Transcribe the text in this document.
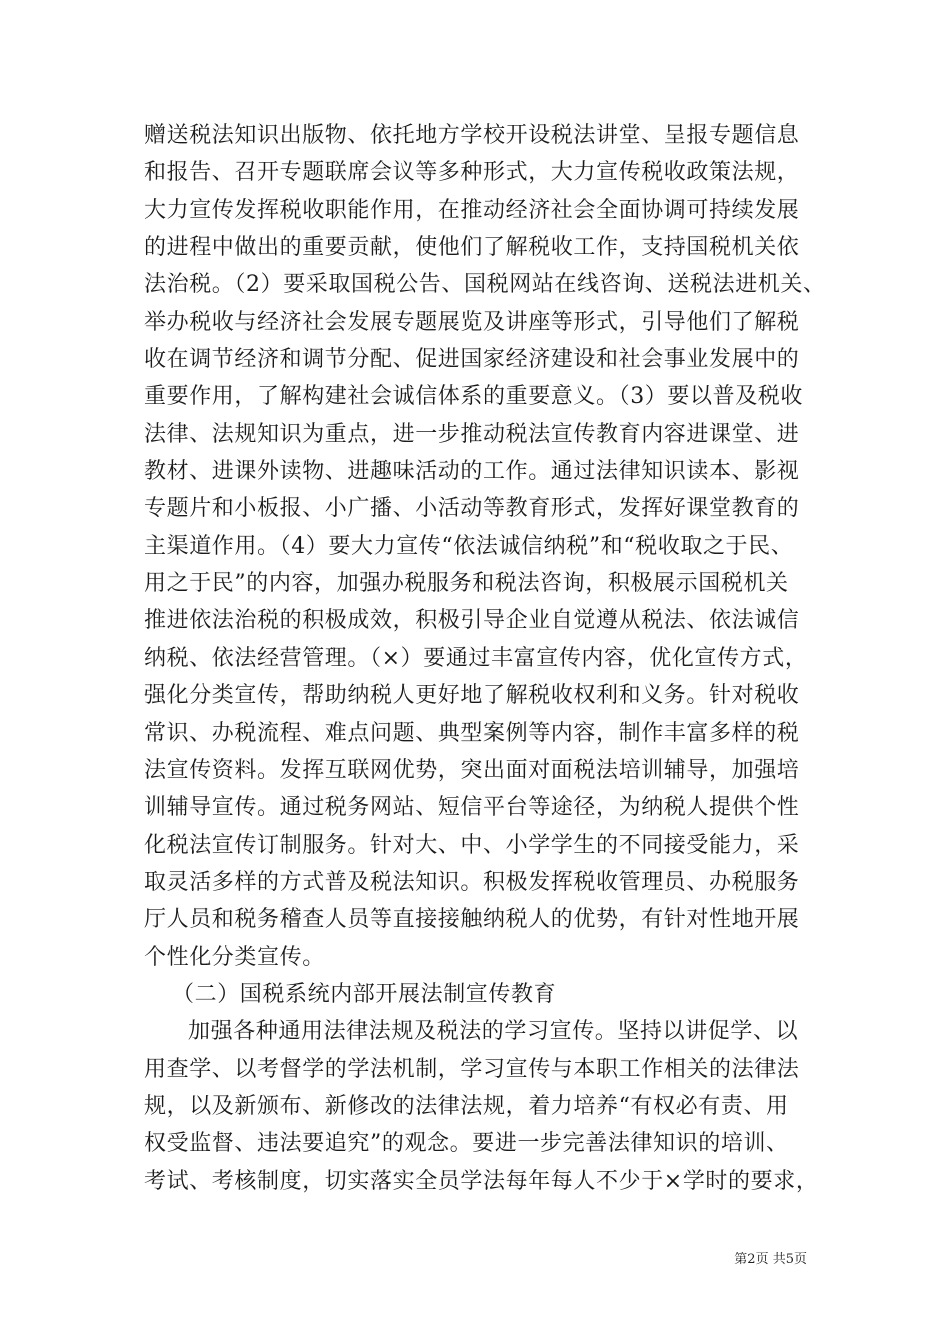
赠送税法知识出版物、依托地方学校开设税法讲堂、呈报专题信息
和报告、召开专题联席会议等多种形式，大力宣传税收政策法规，
大力宣传发挥税收职能作用，在推动经济社会全面协调可持续发展
的进程中做出的重要贡献，使他们了解税收工作，支持国税机关依
法治税。（2）要采取国税公告、国税网站在线咨询、送税法进机关、
举办税收与经济社会发展专题展览及讲座等形式，引导他们了解税
收在调节经济和调节分配、促进国家经济建设和社会事业发展中的
重要作用，了解构建社会诚信体系的重要意义。（3）要以普及税收
法律、法规知识为重点，进一步推动税法宣传教育内容进课堂、进
教材、进课外读物、进趣味活动的工作。通过法律知识读本、影视
专题片和小板报、小广播、小活动等教育形式，发挥好课堂教育的
主渠道作用。（4）要大力宣传“依法诚信纳税”和“税收取之于民、
用之于民”的内容，加强办税服务和税法咨询，积极展示国税机关
推进依法治税的积极成效，积极引导企业自觉遵从税法、依法诚信
纳税、依法经营管理。（×）要通过丰富宣传内容，优化宣传方式，
强化分类宣传，帮助纳税人更好地了解税收权利和义务。针对税收
常识、办税流程、难点问题、典型案例等内容，制作丰富多样的税
法宣传资料。发挥互联网优势，突出面对面税法培训辅导，加强培
训辅导宣传。通过税务网站、短信平台等途径，为纳税人提供个性
化税法宣传订制服务。针对大、中、小学学生的不同接受能力，采
取灵活多样的方式普及税法知识。积极发挥税收管理员、办税服务
厅人员和税务稽查人员等直接接触纳税人的优势，有针对性地开展
个性化分类宣传。
（二）国税系统内部开展法制宣传教育
加强各种通用法律法规及税法的学习宣传。坚持以讲促学、以
用查学、以考督学的学法机制，学习宣传与本职工作相关的法律法
规，以及新颁布、新修改的法律法规，着力培养“有权必有责、用
权受监督、违法要追究”的观念。要进一步完善法律知识的培训、
考试、考核制度，切实落实全员学法每年每人不少于×学时的要求，
第2页 共5页
